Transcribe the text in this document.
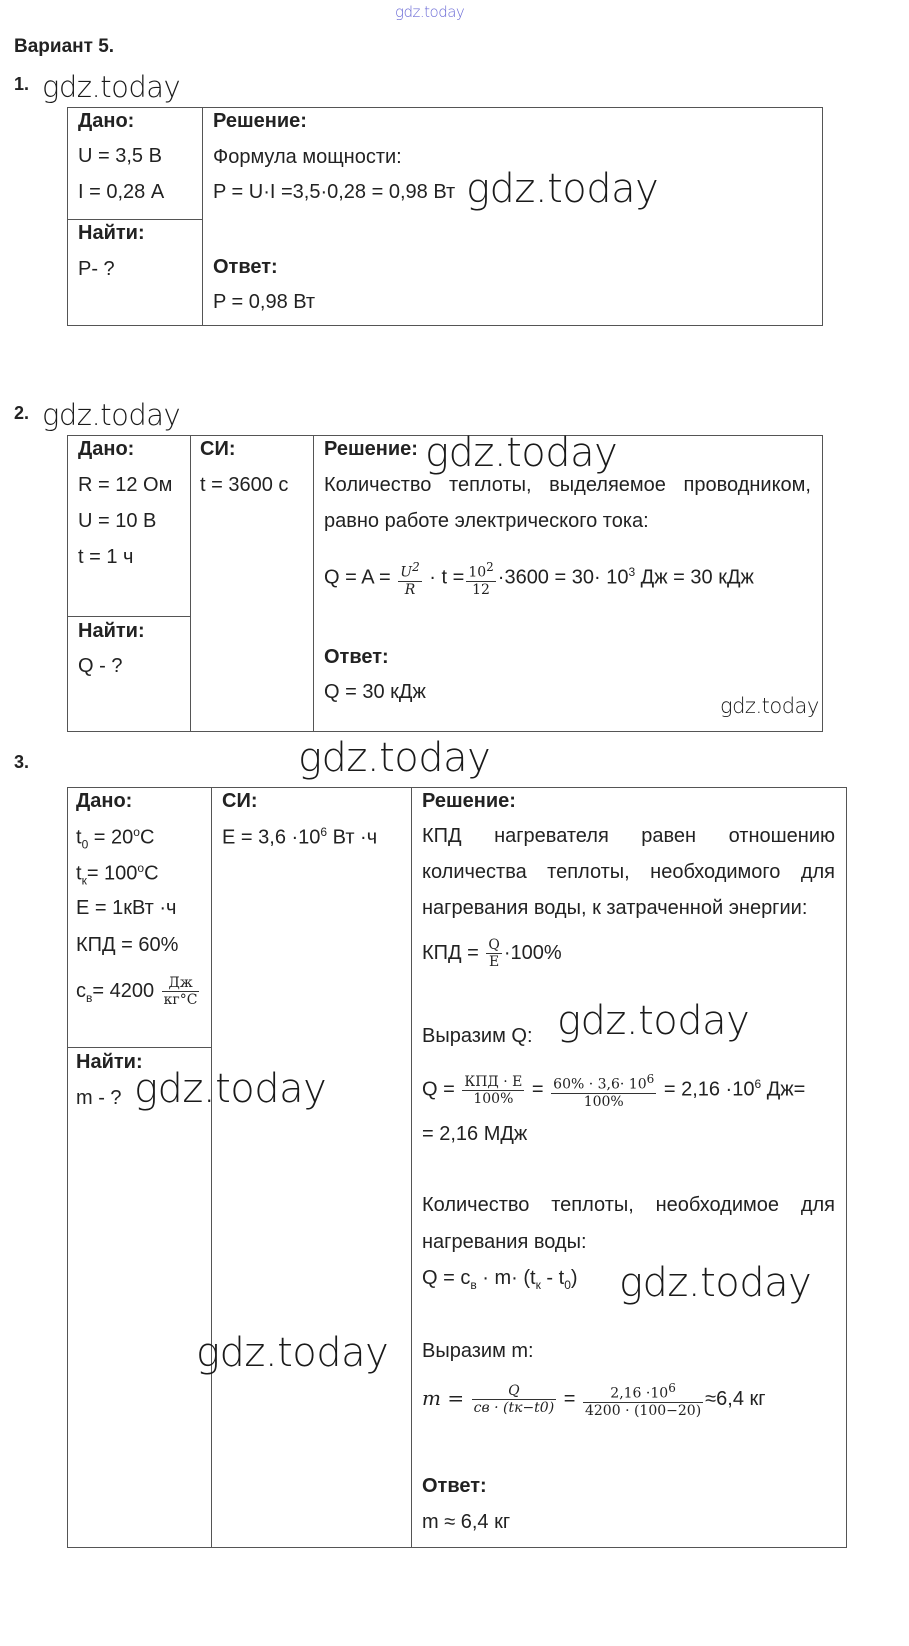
gdz.today
Вариант 5.
1. gdz.today
Дано:
U = 3,5 В
I = 0,28 А
Найти:
P- ?
Решение:
Формула мощности:
P = U·I =3,5·0,28 = 0,98 Вт gdz.today
Ответ:
P = 0,98 Вт
2. gdz.today
Дано:
R = 12 Ом
U = 10 В
t = 1 ч
Найти:
Q - ?
СИ:
t = 3600 с
Решение: gdz.today
Количество теплоты, выделяемое проводником,
равно работе электрического тока:
$Q = A = \frac{U^2}{R} \cdot t = \frac{10^2}{12} \cdot 3600 = 30\cdot 10^3$ Дж = 30 кДж
Ответ:
Q = 30 кДж
gdz.today
3.	gdz.today
Дано:
$t_0 = 20^oC$
$t_к= 100^oC$
E = 1кВт ·ч
КПД = 60%
$c_в= 4200 \frac{Дж}{кг^\circ C}$
Найти:
m - ? gdz.today
СИ:
$E = 3,6 \cdot 10^6$ Вт ·ч
gdz.today
Решение:
КПД нагревателя равен отношению
количества теплоты, необходимого для
нагревания воды, к затраченной энергии:
КПД = $\frac{Q}{E} \cdot 100\%$
Выразим Q: gdz.today
$Q = \frac{\text{КПД · E}}{100\%} = \frac{60\% \cdot 3,6\cdot 10^6}{100\%} = 2,16 \cdot 10^6$ Дж=
= 2,16 МДж
Количество теплоты, необходимое для
нагревания воды:
$Q = c_в \cdot m\cdot (t_к - t_0)$ gdz.today
Выразим m:
$m = \frac{Q}{cв \cdot (tк-t0)} = \frac{2,16 \cdot 10^6}{4200 \cdot (100-20)} \approx 6,4$ кг
Ответ:
m ≈ 6,4 кг
